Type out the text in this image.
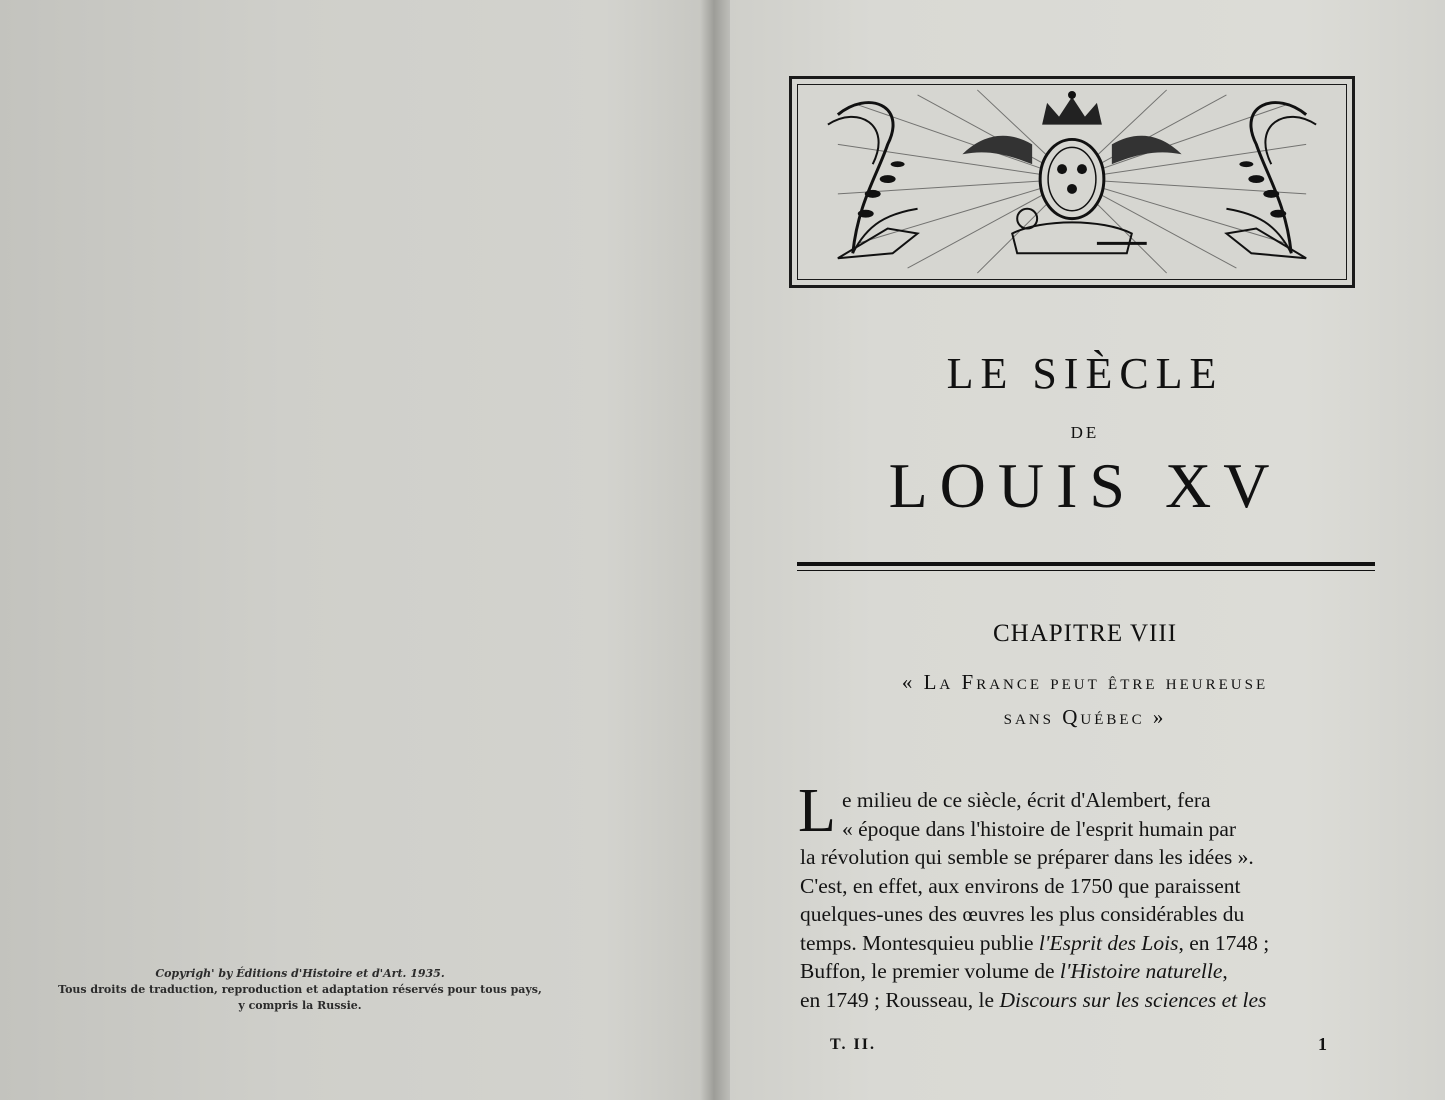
Copyrigh' by Éditions d'Histoire et d'Art. 1935.
Tous droits de traduction, reproduction et adaptation réservés pour tous pays,
y compris la Russie.
LE SIÈCLE
DE
LOUIS XV
CHAPITRE VIII
« La France peut être heureuse
sans Québec »
L e milieu de ce siècle, écrit d'Alembert, fera
« époque dans l'histoire de l'esprit humain par
la révolution qui semble se préparer dans les idées ».
C'est, en effet, aux environs de 1750 que paraissent
quelques-unes des œuvres les plus considérables du
temps. Montesquieu publie l'Esprit des Lois, en 1748 ;
Buffon, le premier volume de l'Histoire naturelle,
en 1749 ; Rousseau, le Discours sur les sciences et les
T. II.	1
